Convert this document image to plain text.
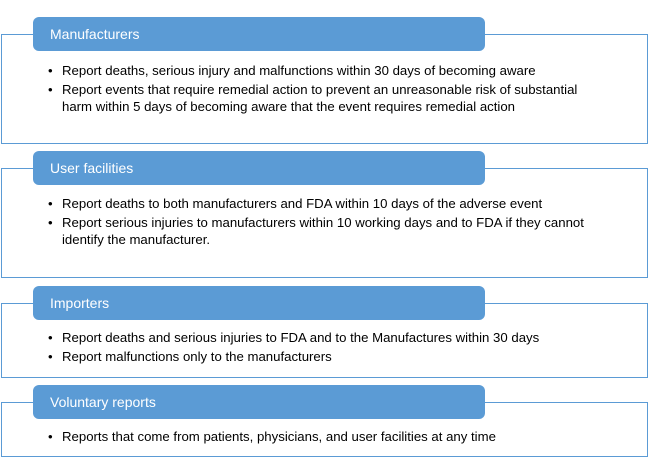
Manufacturers
• Report deaths, serious injury and malfunctions within 30 days of becoming aware
• Report events that require remedial action to prevent an unreasonable risk of substantial harm within 5 days of becoming aware that the event requires remedial action
User facilities
• Report deaths to both manufacturers and FDA within 10 days of the adverse event
• Report serious injuries to manufacturers within 10 working days and to FDA if they cannot identify the manufacturer.
Importers
• Report deaths and serious injuries to FDA and to the Manufactures within 30 days
• Report malfunctions only to the manufacturers
Voluntary reports
• Reports that come from patients, physicians, and user facilities at any time
